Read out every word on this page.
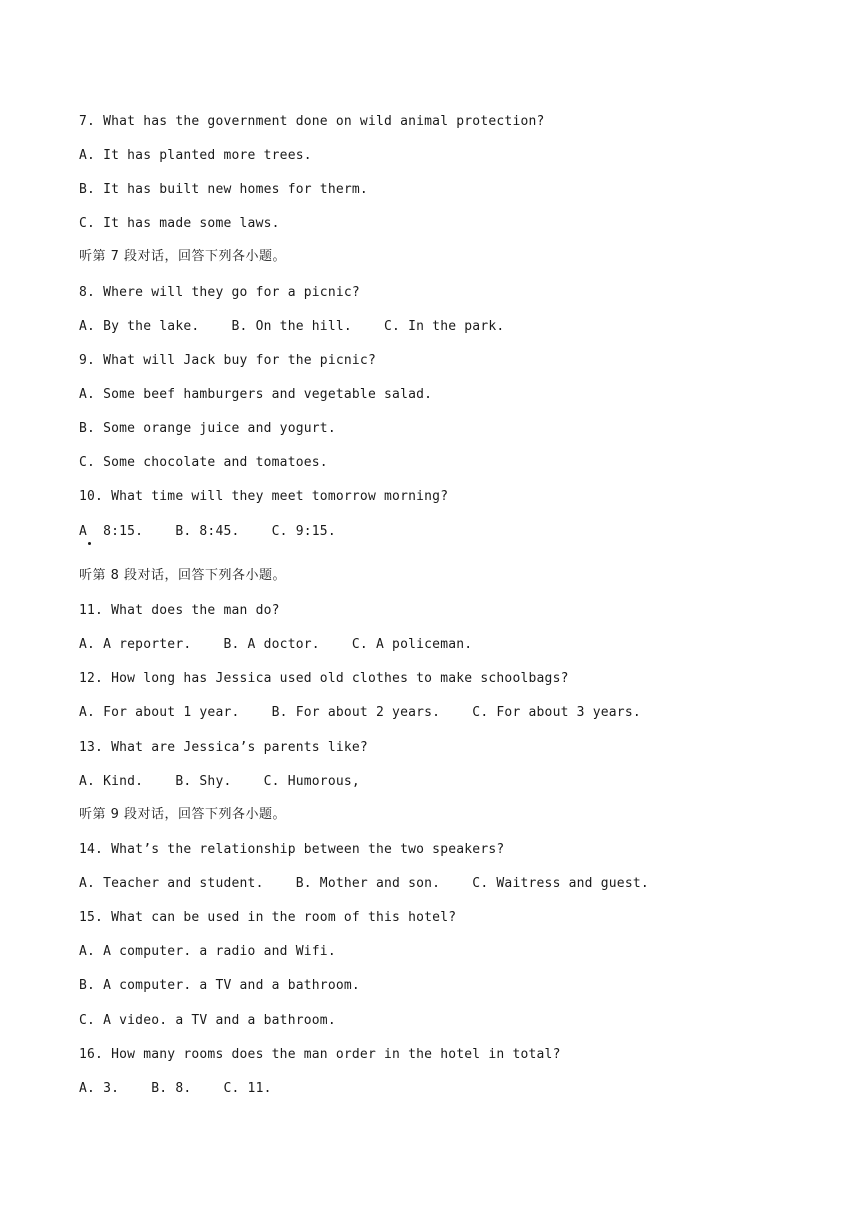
7. What has the government done on wild animal protection?
A. It has planted more trees.
B. It has built new homes for therm.
C. It has made some laws.
听第 7 段对话，回答下列各小题。
8. Where will they go for a picnic?
A. By the lake.    B. On the hill.    C. In the park.
9. What will Jack buy for the picnic?
A. Some beef hamburgers and vegetable salad.
B. Some orange juice and yogurt.
C. Some chocolate and tomatoes.
10. What time will they meet tomorrow morning?
A  8:15.    B. 8:45.    C. 9:15.
听第 8 段对话，回答下列各小题。
11. What does the man do?
A. A reporter.    B. A doctor.    C. A policeman.
12. How long has Jessica used old clothes to make schoolbags?
A. For about 1 year.    B. For about 2 years.    C. For about 3 years.
13. What are Jessica’s parents like?
A. Kind.    B. Shy.    C. Humorous,
听第 9 段对话，回答下列各小题。
14. What’s the relationship between the two speakers?
A. Teacher and student.    B. Mother and son.    C. Waitress and guest.
15. What can be used in the room of this hotel?
A. A computer. a radio and Wifi.
B. A computer. a TV and a bathroom.
C. A video. a TV and a bathroom.
16. How many rooms does the man order in the hotel in total?
A. 3.    B. 8.    C. 11.
